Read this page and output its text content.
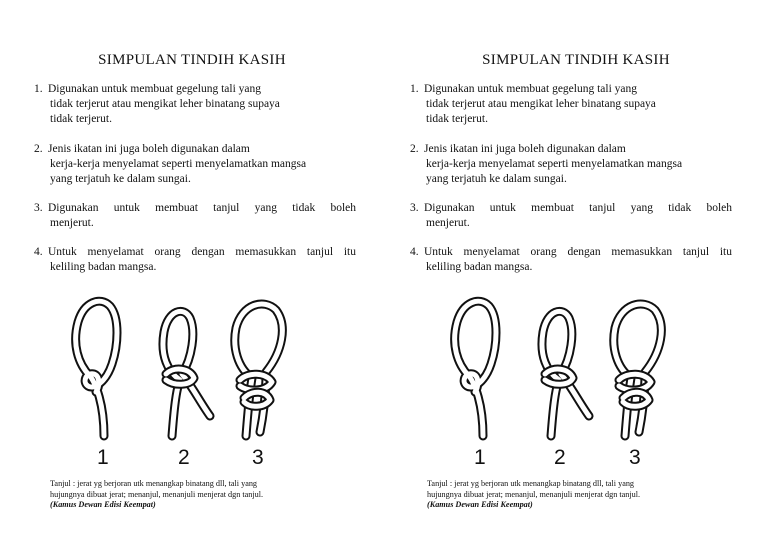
SIMPULAN TINDIH KASIH
1. Digunakan untuk membuat gegelung tali yang
tidak terjerut atau mengikat leher binatang supaya
tidak terjerut.
2. Jenis ikatan ini juga boleh digunakan dalam
kerja-kerja menyelamat seperti menyelamatkan mangsa
yang terjatuh ke dalam sungai.
3. Digunakan untuk membuat tanjul yang tidak boleh
menjerut.
4. Untuk menyelamat orang dengan memasukkan tanjul itu
keliling badan mangsa.
1	2	3
Tanjul : jerat yg berjoran utk menangkap binatang dll, tali yang
hujungnya dibuat jerat; menanjul, menanjuli menjerat dgn tanjul.
(Kamus Dewan Edisi Keempat)
SIMPULAN TINDIH KASIH
1. Digunakan untuk membuat gegelung tali yang
tidak terjerut atau mengikat leher binatang supaya
tidak terjerut.
2. Jenis ikatan ini juga boleh digunakan dalam
kerja-kerja menyelamat seperti menyelamatkan mangsa
yang terjatuh ke dalam sungai.
3. Digunakan untuk membuat tanjul yang tidak boleh
menjerut.
4. Untuk menyelamat orang dengan memasukkan tanjul itu
keliling badan mangsa.
1	2	3
Tanjul : jerat yg berjoran utk menangkap binatang dll, tali yang
hujungnya dibuat jerat; menanjul, menanjuli menjerat dgn tanjul.
(Kamus Dewan Edisi Keempat)
